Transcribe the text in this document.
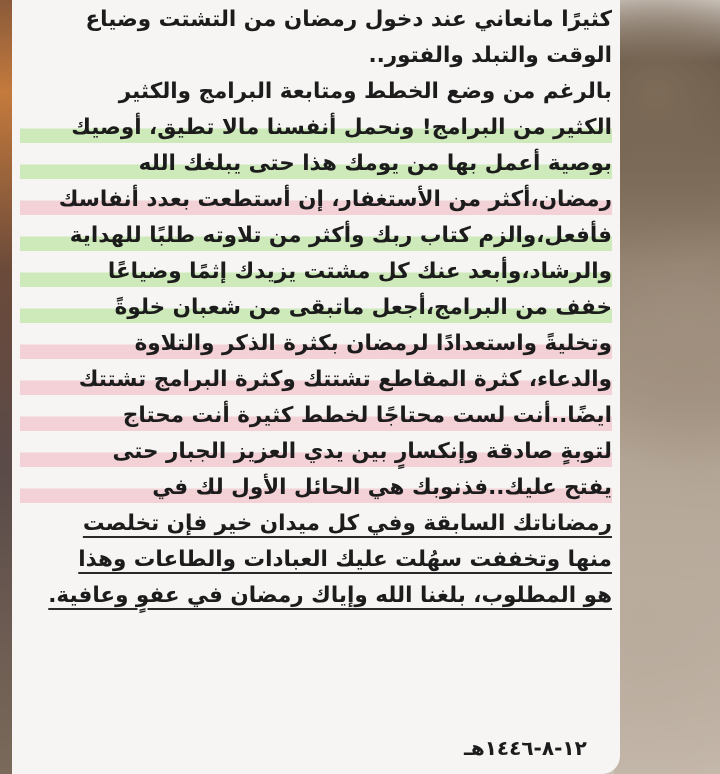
كثيرًا مانعاني عند دخول رمضان من التشتت وضياع
الوقت والتبلد والفتور..
بالرغم من وضع الخطط ومتابعة البرامج والكثير
الكثير من البرامج! ونحمل أنفسنا مالا تطيق، أوصيك
بوصية أعمل بها من يومك هذا حتى يبلغك الله
رمضان،أكثر من الأستغفار، إن أستطعت بعدد أنفاسك
فأفعل،والزم كتاب ربك وأكثر من تلاوته طلبًا للهداية
والرشاد،وأبعد عنك كل مشتت يزيدك إثمًا وضياعًا
خفف من البرامج،أجعل ماتبقى من شعبان خلوةً
وتخليةً واستعدادًا لرمضان بكثرة الذكر والتلاوة
والدعاء، كثرة المقاطع تشتتك وكثرة البرامج تشتتك
ايضًا..أنت لست محتاجًا لخطط كثيرة أنت محتاج
لتوبةٍ صادقة وإنكسارٍ بين يدي العزيز الجبار حتى
يفتح عليك..فذنوبك هي الحائل الأول لك في
رمضاناتك السابقة وفي كل ميدان خير فإن تخلصت
منها وتخففت سهُلت عليك العبادات والطاعات وهذا
هو المطلوب، بلغنا الله وإياك رمضان في عفوٍ وعافية.
١٢-٨-١٤٤٦هـ
